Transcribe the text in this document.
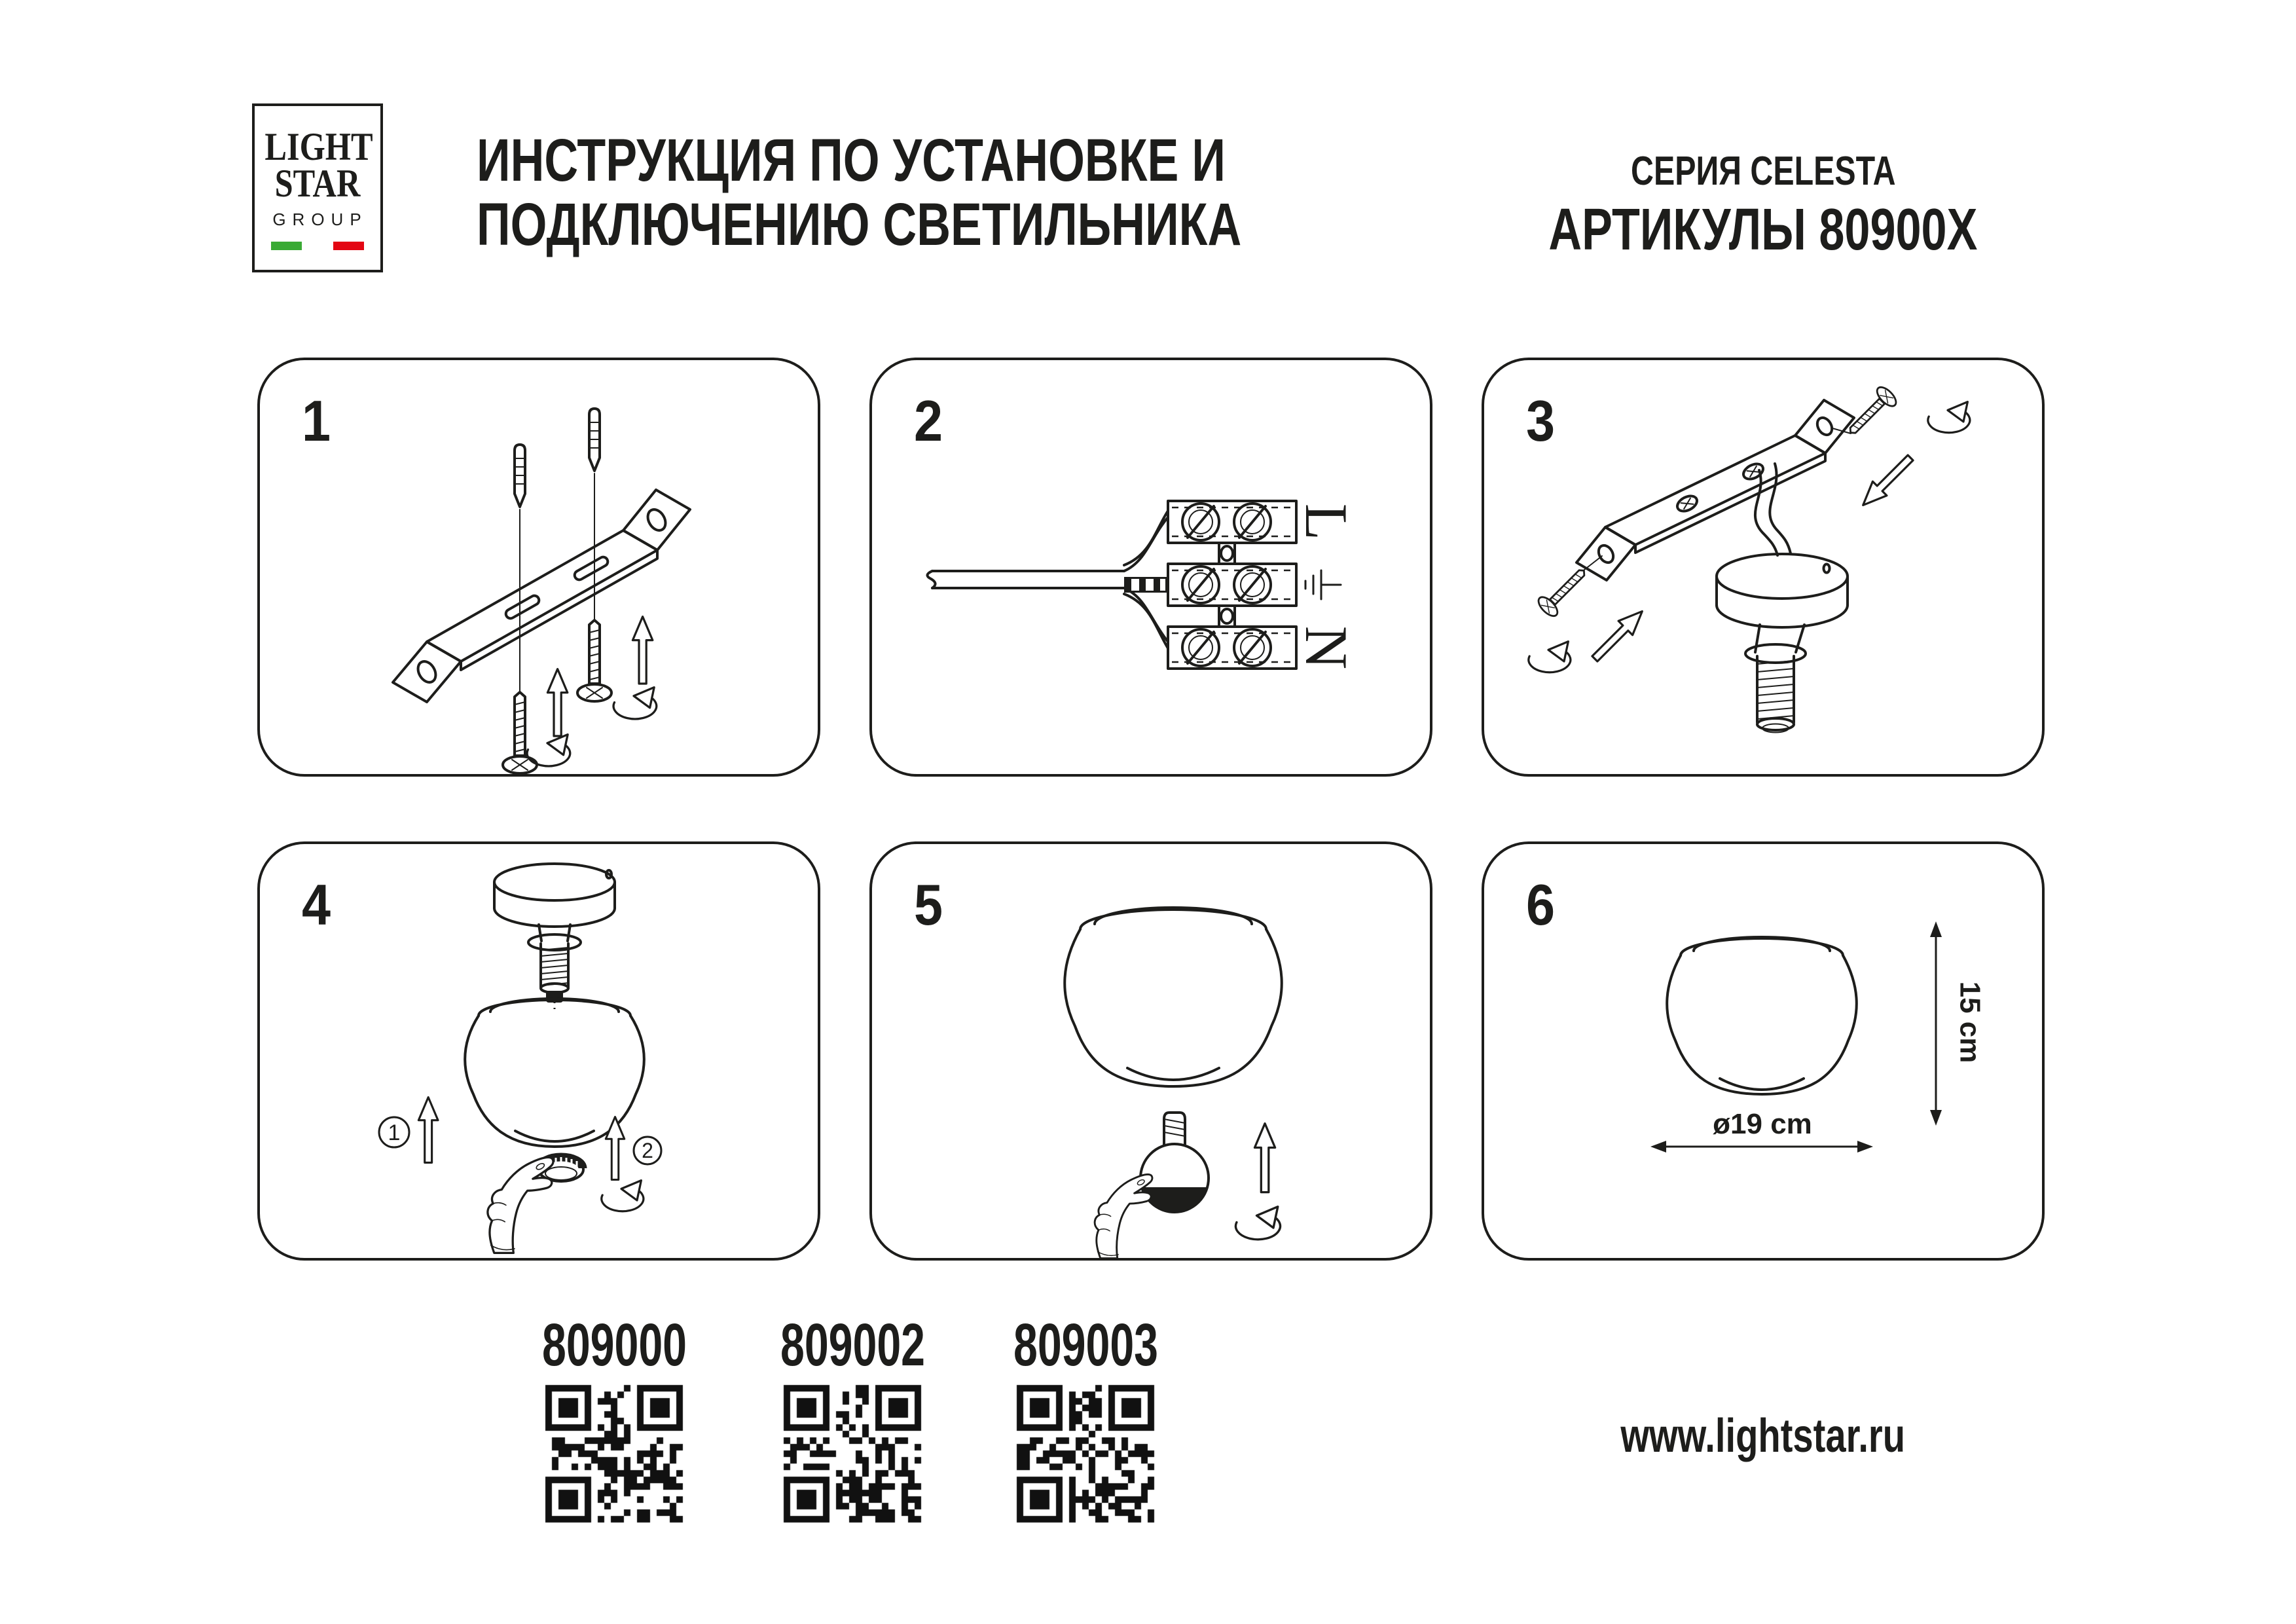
LIGHT
STAR
GROUP
ИНСТРУКЦИЯ ПО УСТАНОВКЕ И
ПОДКЛЮЧЕНИЮ СВЕТИЛЬНИКА
СЕРИЯ CELESTA
АРТИКУЛЫ 80900X
1	2
L
N
3
4
1
2
5	6
15 cm
ø19 cm
809000	809002	809003
www.lightstar.ru
